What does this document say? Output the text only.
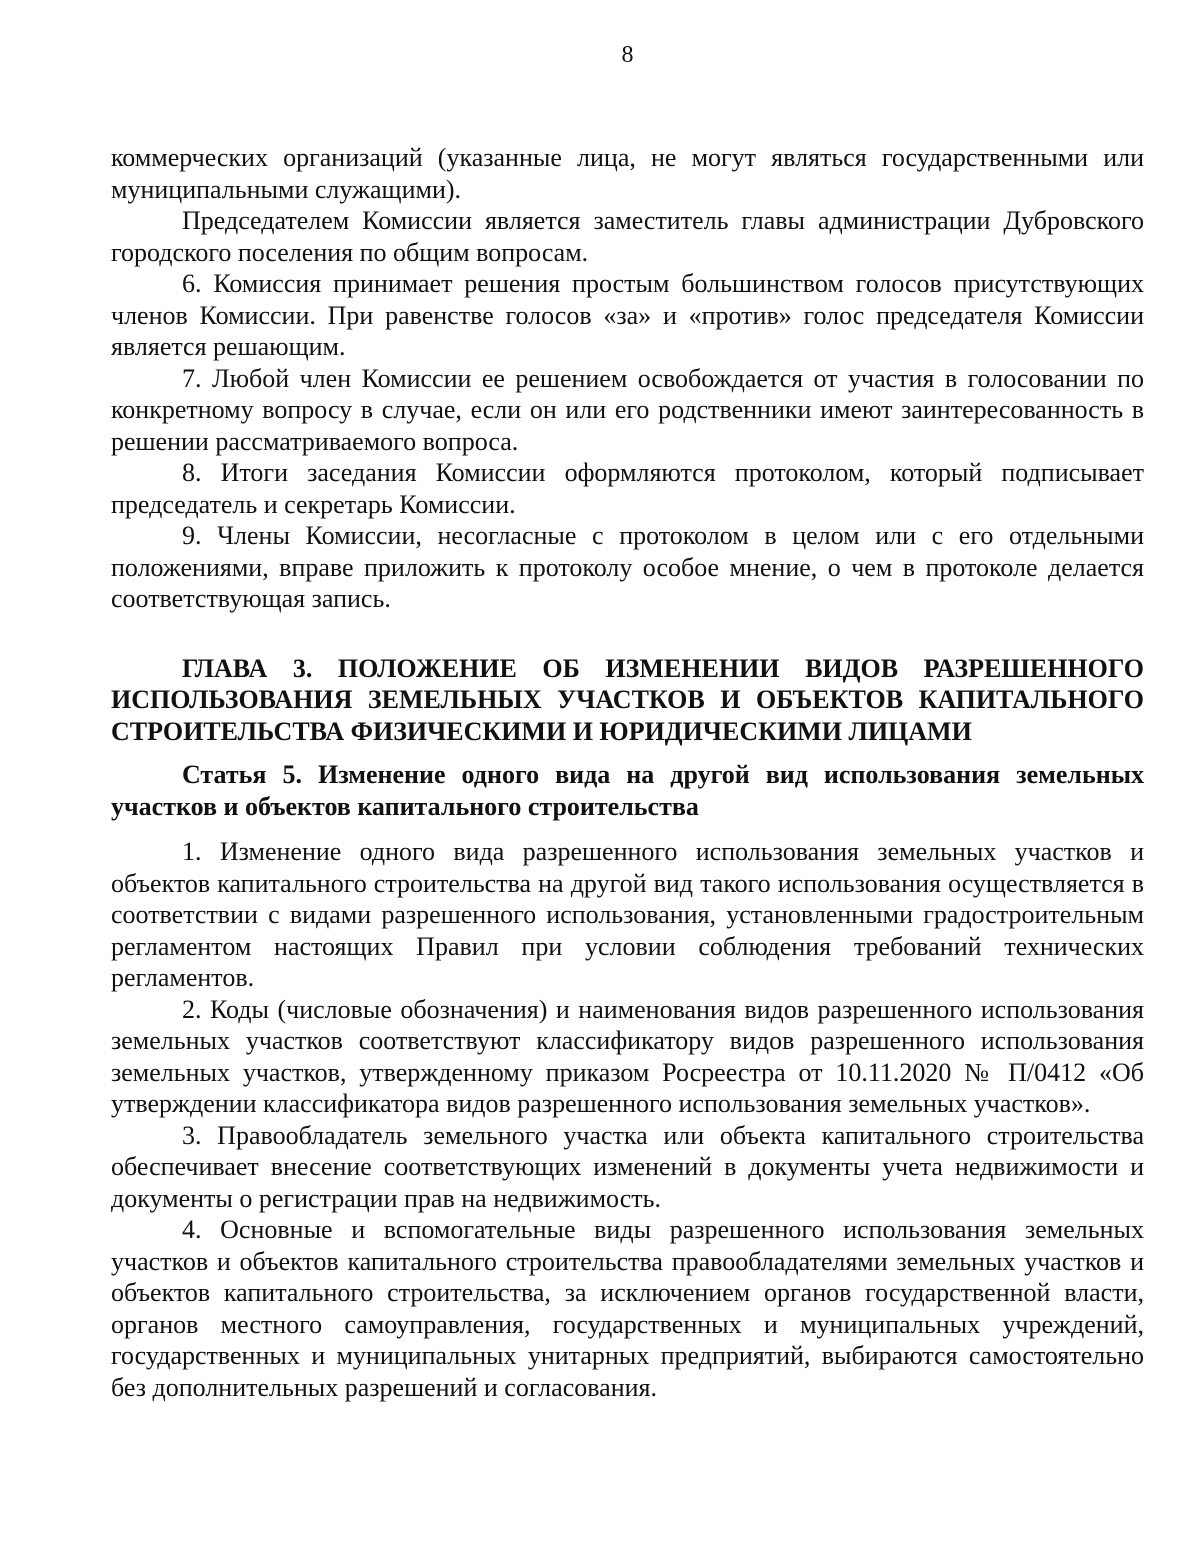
8

коммерческих организаций (указанные лица, не могут являться государственными или муниципальными служащими).

Председателем Комиссии является заместитель главы администрации Дубровского городского поселения по общим вопросам.

6. Комиссия принимает решения простым большинством голосов присутствующих членов Комиссии. При равенстве голосов «за» и «против» голос председателя Комиссии является решающим.

7. Любой член Комиссии ее решением освобождается от участия в голосовании по конкретному вопросу в случае, если он или его родственники имеют заинтересованность в решении рассматриваемого вопроса.

8. Итоги заседания Комиссии оформляются протоколом, который подписывает председатель и секретарь Комиссии.

9. Члены Комиссии, несогласные с протоколом в целом или с его отдельными положениями, вправе приложить к протоколу особое мнение, о чем в протоколе делается соответствующая запись.

ГЛАВА 3. ПОЛОЖЕНИЕ ОБ ИЗМЕНЕНИИ ВИДОВ РАЗРЕШЕННОГО ИСПОЛЬЗОВАНИЯ ЗЕМЕЛЬНЫХ УЧАСТКОВ И ОБЪЕКТОВ КАПИТАЛЬНОГО СТРОИТЕЛЬСТВА ФИЗИЧЕСКИМИ И ЮРИДИЧЕСКИМИ ЛИЦАМИ

Статья 5. Изменение одного вида на другой вид использования земельных участков и объектов капитального строительства

1. Изменение одного вида разрешенного использования земельных участков и объектов капитального строительства на другой вид такого использования осуществляется в соответствии с видами разрешенного использования, установленными градостроительным регламентом настоящих Правил при условии соблюдения требований технических регламентов.

2. Коды (числовые обозначения) и наименования видов разрешенного использования земельных участков соответствуют классификатору видов разрешенного использования земельных участков, утвержденному приказом Росреестра от 10.11.2020 № П/0412 «Об утверждении классификатора видов разрешенного использования земельных участков».

3. Правообладатель земельного участка или объекта капитального строительства обеспечивает внесение соответствующих изменений в документы учета недвижимости и документы о регистрации прав на недвижимость.

4. Основные и вспомогательные виды разрешенного использования земельных участков и объектов капитального строительства правообладателями земельных участков и объектов капитального строительства, за исключением органов государственной власти, органов местного самоуправления, государственных и муниципальных учреждений, государственных и муниципальных унитарных предприятий, выбираются самостоятельно без дополнительных разрешений и согласования.
